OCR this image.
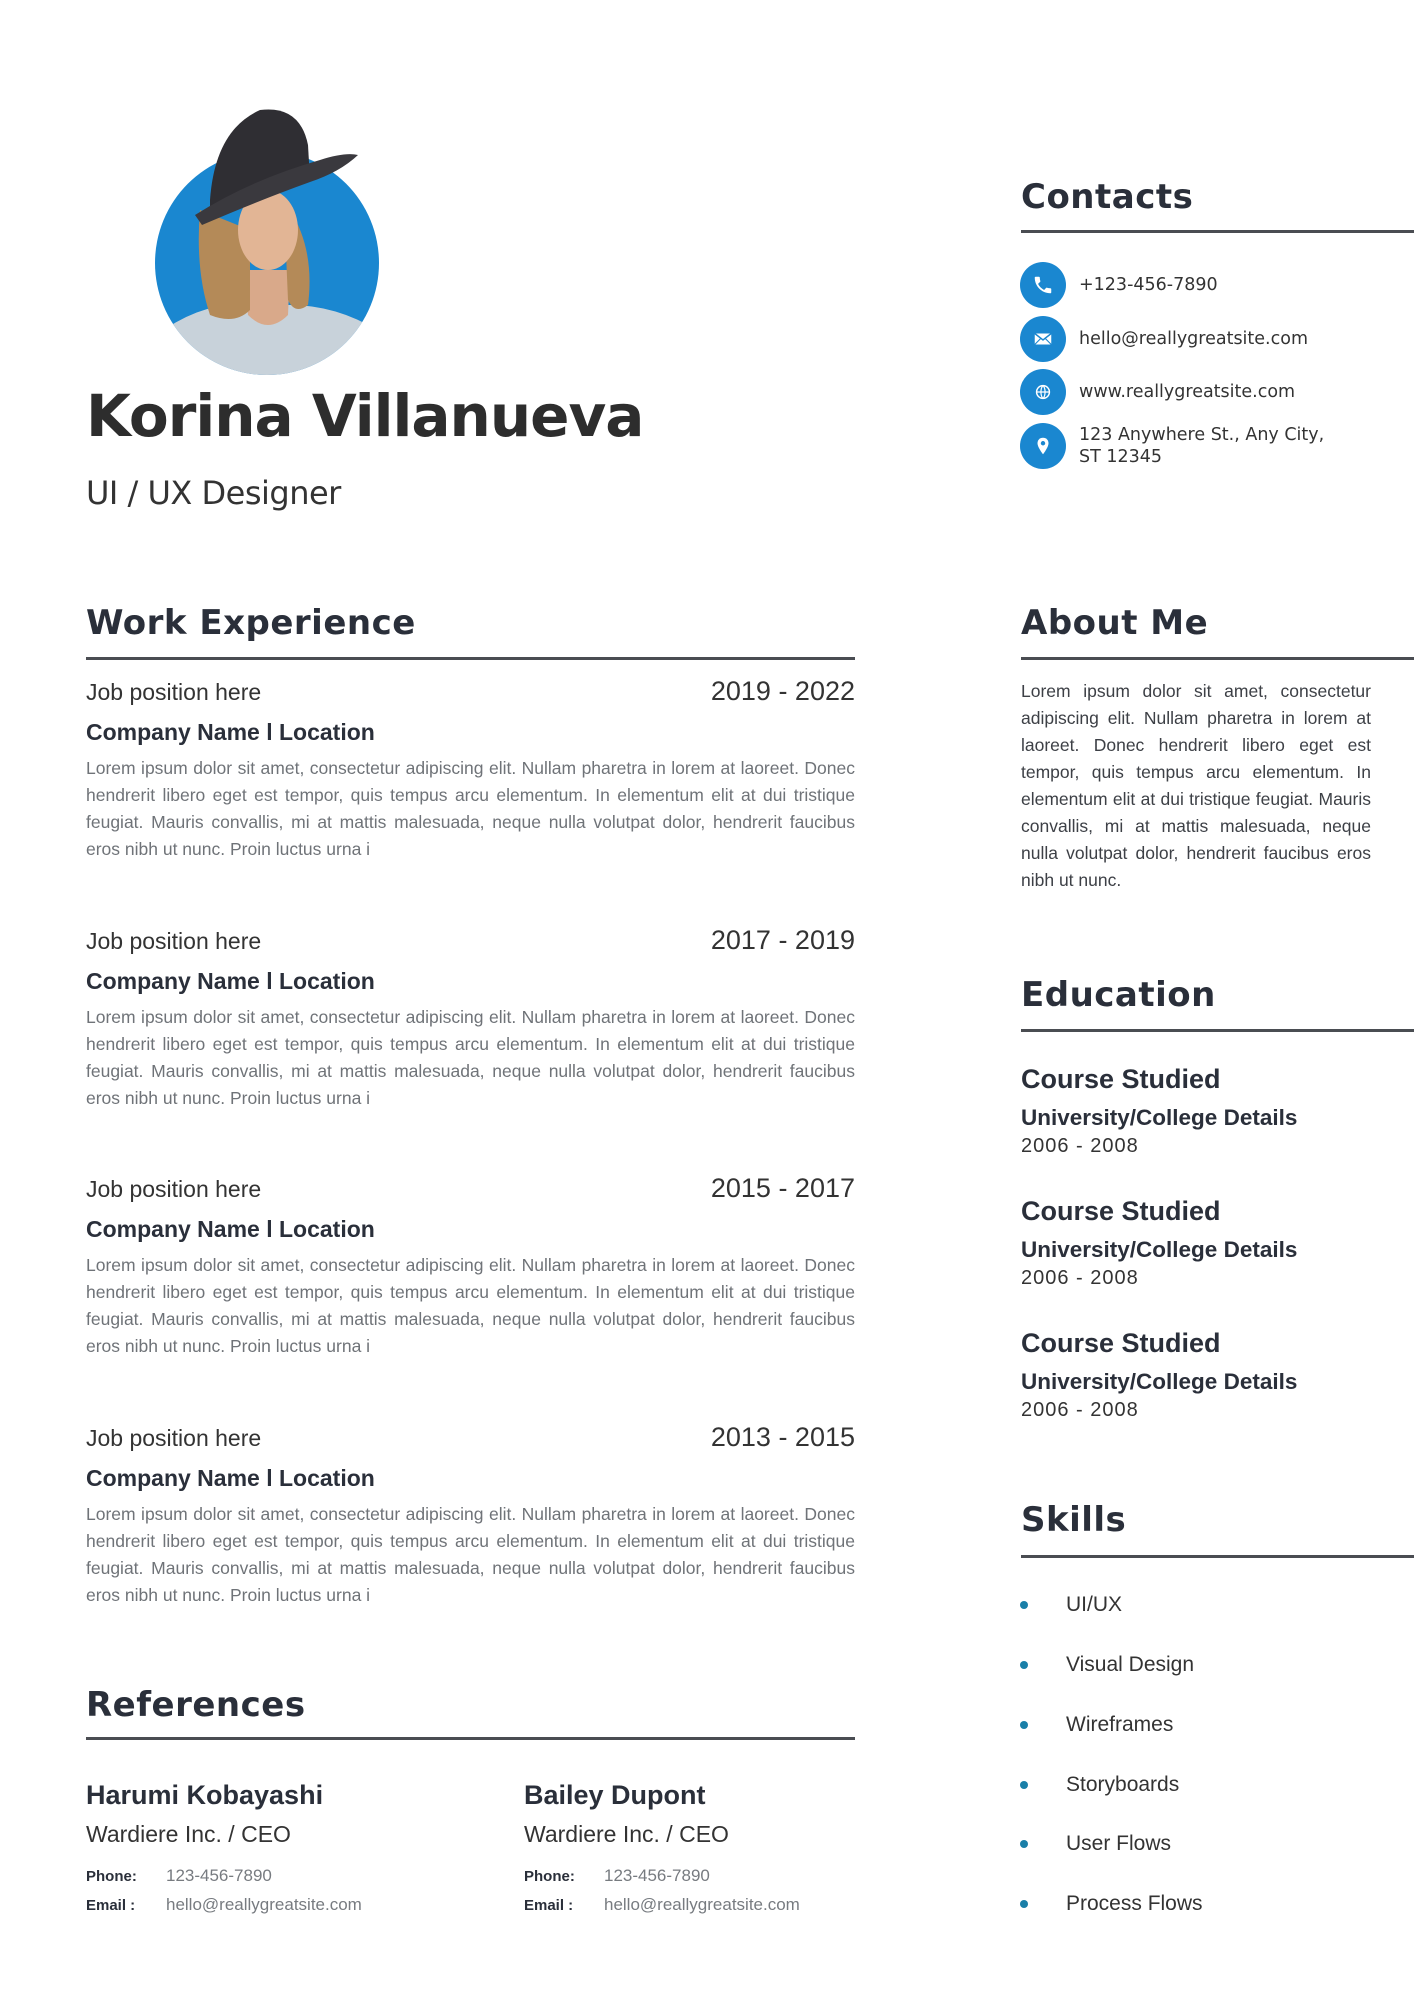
Korina Villanueva
UI / UX Designer
Work Experience
Job position here	2019 - 2022
Company Name l Location
Lorem ipsum dolor sit amet, consectetur adipiscing elit. Nullam pharetra in lorem at laoreet. Donec hendrerit libero eget est tempor, quis tempus arcu elementum. In elementum elit at dui tristique feugiat. Mauris convallis, mi at mattis malesuada, neque nulla volutpat dolor, hendrerit faucibus eros nibh ut nunc. Proin luctus urna i
Job position here	2017 - 2019
Company Name l Location
Lorem ipsum dolor sit amet, consectetur adipiscing elit. Nullam pharetra in lorem at laoreet. Donec hendrerit libero eget est tempor, quis tempus arcu elementum. In elementum elit at dui tristique feugiat. Mauris convallis, mi at mattis malesuada, neque nulla volutpat dolor, hendrerit faucibus eros nibh ut nunc. Proin luctus urna i
Job position here	2015 - 2017
Company Name l Location
Lorem ipsum dolor sit amet, consectetur adipiscing elit. Nullam pharetra in lorem at laoreet. Donec hendrerit libero eget est tempor, quis tempus arcu elementum. In elementum elit at dui tristique feugiat. Mauris convallis, mi at mattis malesuada, neque nulla volutpat dolor, hendrerit faucibus eros nibh ut nunc. Proin luctus urna i
Job position here	2013 - 2015
Company Name l Location
Lorem ipsum dolor sit amet, consectetur adipiscing elit. Nullam pharetra in lorem at laoreet. Donec hendrerit libero eget est tempor, quis tempus arcu elementum. In elementum elit at dui tristique feugiat. Mauris convallis, mi at mattis malesuada, neque nulla volutpat dolor, hendrerit faucibus eros nibh ut nunc. Proin luctus urna i
References
Harumi Kobayashi
Wardiere Inc. / CEO
Phone:	123-456-7890
Email :	hello@reallygreatsite.com
Bailey Dupont
Wardiere Inc. / CEO
Phone:	123-456-7890
Email :	hello@reallygreatsite.com
Contacts
+123-456-7890
hello@reallygreatsite.com
www.reallygreatsite.com
123 Anywhere St., Any City,
ST 12345
About Me
Lorem ipsum dolor sit amet, consectetur adipiscing elit. Nullam pharetra in lorem at laoreet. Donec hendrerit libero eget est tempor, quis tempus arcu elementum. In elementum elit at dui tristique feugiat. Mauris convallis, mi at mattis malesuada, neque nulla volutpat dolor, hendrerit faucibus eros nibh ut nunc.
Education
Course Studied
University/College Details
2006 - 2008
Course Studied
University/College Details
2006 - 2008
Course Studied
University/College Details
2006 - 2008
Skills
UI/UX
Visual Design
Wireframes
Storyboards
User Flows
Process Flows
